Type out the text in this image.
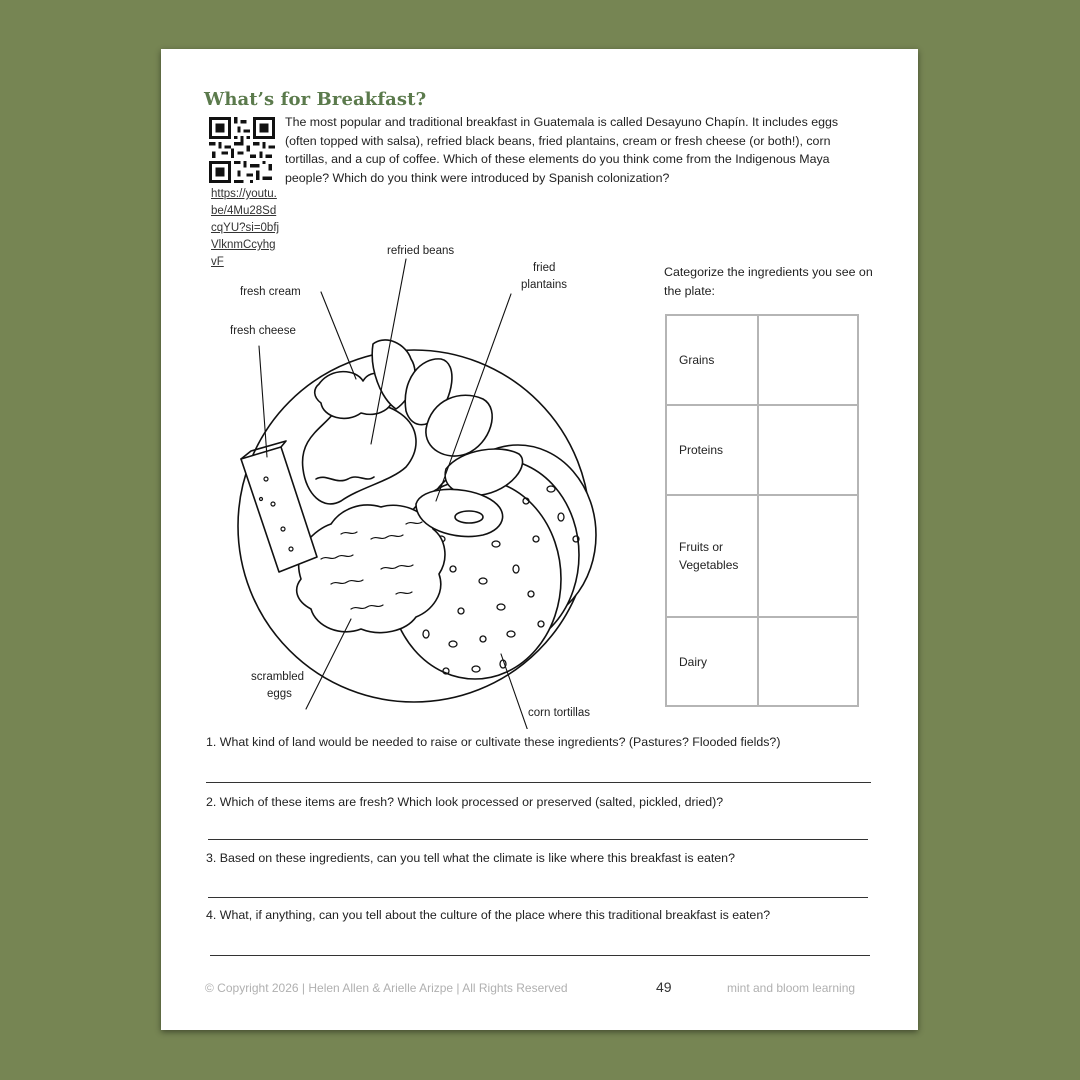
What’s for Breakfast?
https://youtu.be/4Mu28SdcqYU?si=0bfjVlknmCcyhgvF
The most popular and traditional breakfast in Guatemala is called Desayuno Chapín. It includes eggs (often topped with salsa), refried black beans, fried plantains, cream or fresh cheese (or both!), corn tortillas, and a cup of coffee. Which of these elements do you think come from the Indigenous Maya people? Which do you think were introduced by Spanish colonization?
refried beans
fried
plantains
fresh cream
fresh cheese
scrambled
eggs
corn tortillas
Categorize the ingredients you see on the plate:
Grains	
Proteins	
Fruits or Vegetables	
Dairy	
1. What kind of land would be needed to raise or cultivate these ingredients? (Pastures? Flooded fields?)
2. Which of these items are fresh? Which look processed or preserved (salted, pickled, dried)?
3. Based on these ingredients, can you tell what the climate is like where this breakfast is eaten?
4. What, if anything, can you tell about the culture of the place where this traditional breakfast is eaten?
© Copyright 2026 | Helen Allen & Arielle Arizpe | All Rights Reserved	49	mint and bloom learning
